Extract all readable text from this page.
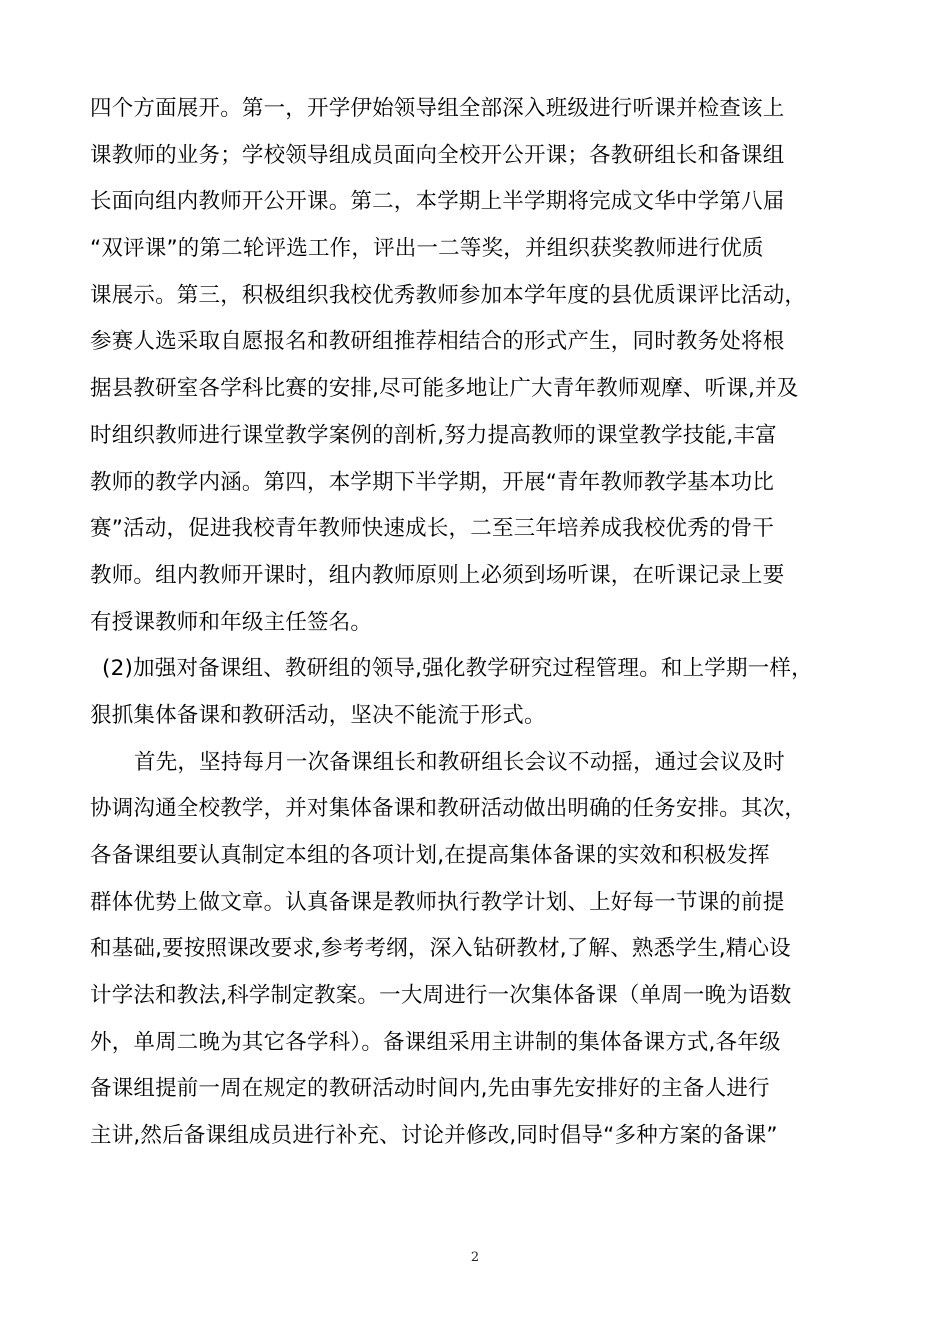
四个方面展开。第一，开学伊始领导组全部深入班级进行听课并检查该上
课教师的业务；学校领导组成员面向全校开公开课；各教研组长和备课组
长面向组内教师开公开课。第二，本学期上半学期将完成文华中学第八届
“双评课”的第二轮评选工作，评出一二等奖，并组织获奖教师进行优质
课展示。第三，积极组织我校优秀教师参加本学年度的县优质课评比活动，
参赛人选采取自愿报名和教研组推荐相结合的形式产生，同时教务处将根
据县教研室各学科比赛的安排,尽可能多地让广大青年教师观摩、听课,并及
时组织教师进行课堂教学案例的剖析,努力提高教师的课堂教学技能,丰富
教师的教学内涵。第四，本学期下半学期，开展“青年教师教学基本功比
赛”活动，促进我校青年教师快速成长，二至三年培养成我校优秀的骨干
教师。组内教师开课时，组内教师原则上必须到场听课，在听课记录上要
有授课教师和年级主任签名。
(2)加强对备课组、教研组的领导,强化教学研究过程管理。和上学期一样，
狠抓集体备课和教研活动，坚决不能流于形式。
首先，坚持每月一次备课组长和教研组长会议不动摇，通过会议及时
协调沟通全校教学，并对集体备课和教研活动做出明确的任务安排。其次，
各备课组要认真制定本组的各项计划,在提高集体备课的实效和积极发挥
群体优势上做文章。认真备课是教师执行教学计划、上好每一节课的前提
和基础,要按照课改要求,参考考纲，深入钻研教材,了解、熟悉学生,精心设
计学法和教法,科学制定教案。一大周进行一次集体备课（单周一晚为语数
外，单周二晚为其它各学科）。备课组采用主讲制的集体备课方式,各年级
备课组提前一周在规定的教研活动时间内,先由事先安排好的主备人进行
主讲,然后备课组成员进行补充、讨论并修改,同时倡导“多种方案的备课”
2
